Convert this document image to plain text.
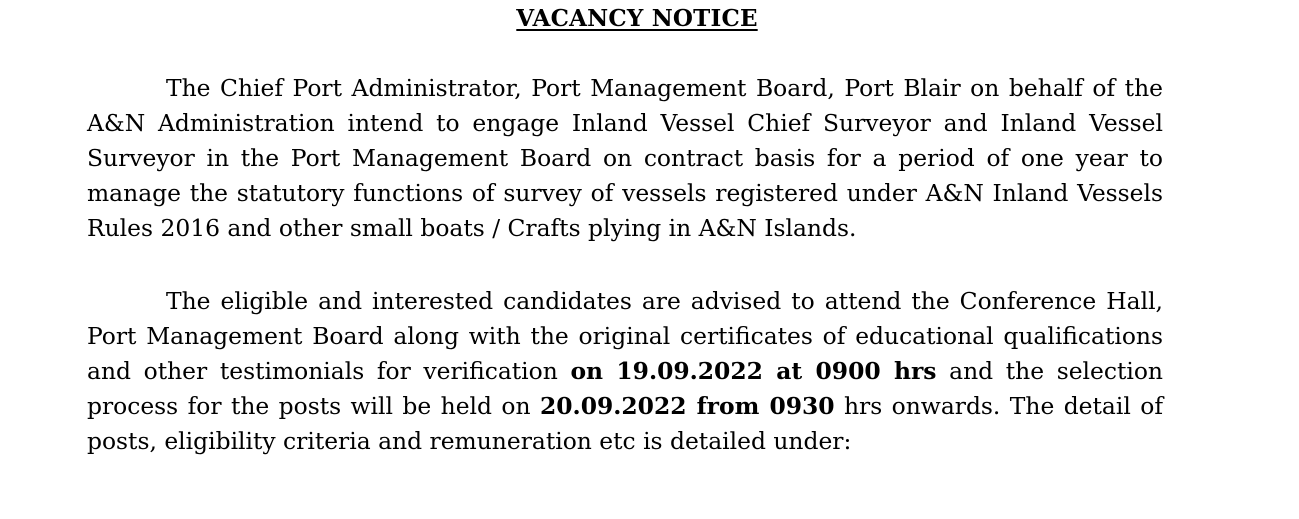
VACANCY NOTICE

The Chief Port Administrator, Port Management Board, Port Blair on behalf of the A&N Administration intend to engage Inland Vessel Chief Surveyor and Inland Vessel Surveyor in the Port Management Board on contract basis for a period of one year to manage the statutory functions of survey of vessels registered under A&N Inland Vessels Rules 2016 and other small boats / Crafts plying in A&N Islands.

The eligible and interested candidates are advised to attend the Conference Hall, Port Management Board along with the original certificates of educational qualifications and other testimonials for verification on 19.09.2022 at 0900 hrs and the selection process for the posts will be held on 20.09.2022 from 0930 hrs onwards. The detail of posts, eligibility criteria and remuneration etc is detailed under:
